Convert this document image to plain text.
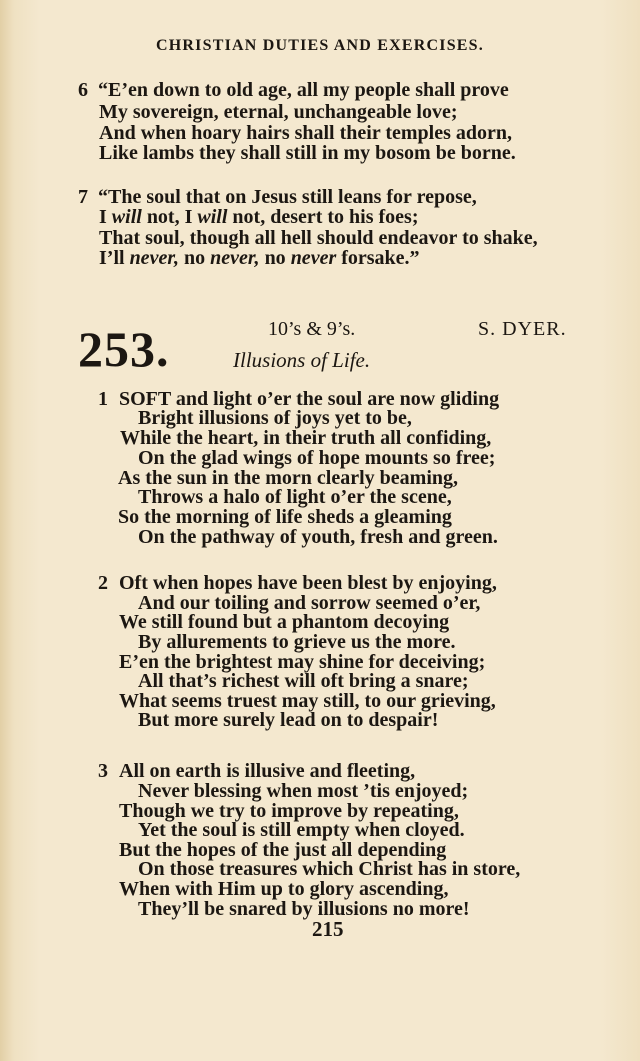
CHRISTIAN DUTIES AND EXERCISES.
6 “E’en down to old age, all my people shall prove
My sovereign, eternal, unchangeable love;
And when hoary hairs shall their temples adorn,
Like lambs they shall still in my bosom be borne.
7 “The soul that on Jesus still leans for repose,
I will not, I will not, desert to his foes;
That soul, though all hell should endeavor to shake,
I’ll never, no never, no never forsake.”
253.	10’s & 9’s.	S. DYER.
Illusions of Life.
1 SOFT and light o’er the soul are now gliding
Bright illusions of joys yet to be,
While the heart, in their truth all confiding,
On the glad wings of hope mounts so free;
As the sun in the morn clearly beaming,
Throws a halo of light o’er the scene,
So the morning of life sheds a gleaming
On the pathway of youth, fresh and green.
2 Oft when hopes have been blest by enjoying,
And our toiling and sorrow seemed o’er,
We still found but a phantom decoying
By allurements to grieve us the more.
E’en the brightest may shine for deceiving;
All that’s richest will oft bring a snare;
What seems truest may still, to our grieving,
But more surely lead on to despair!
3 All on earth is illusive and fleeting,
Never blessing when most ’tis enjoyed;
Though we try to improve by repeating,
Yet the soul is still empty when cloyed.
But the hopes of the just all depending
On those treasures which Christ has in store,
When with Him up to glory ascending,
They’ll be snared by illusions no more!
215
